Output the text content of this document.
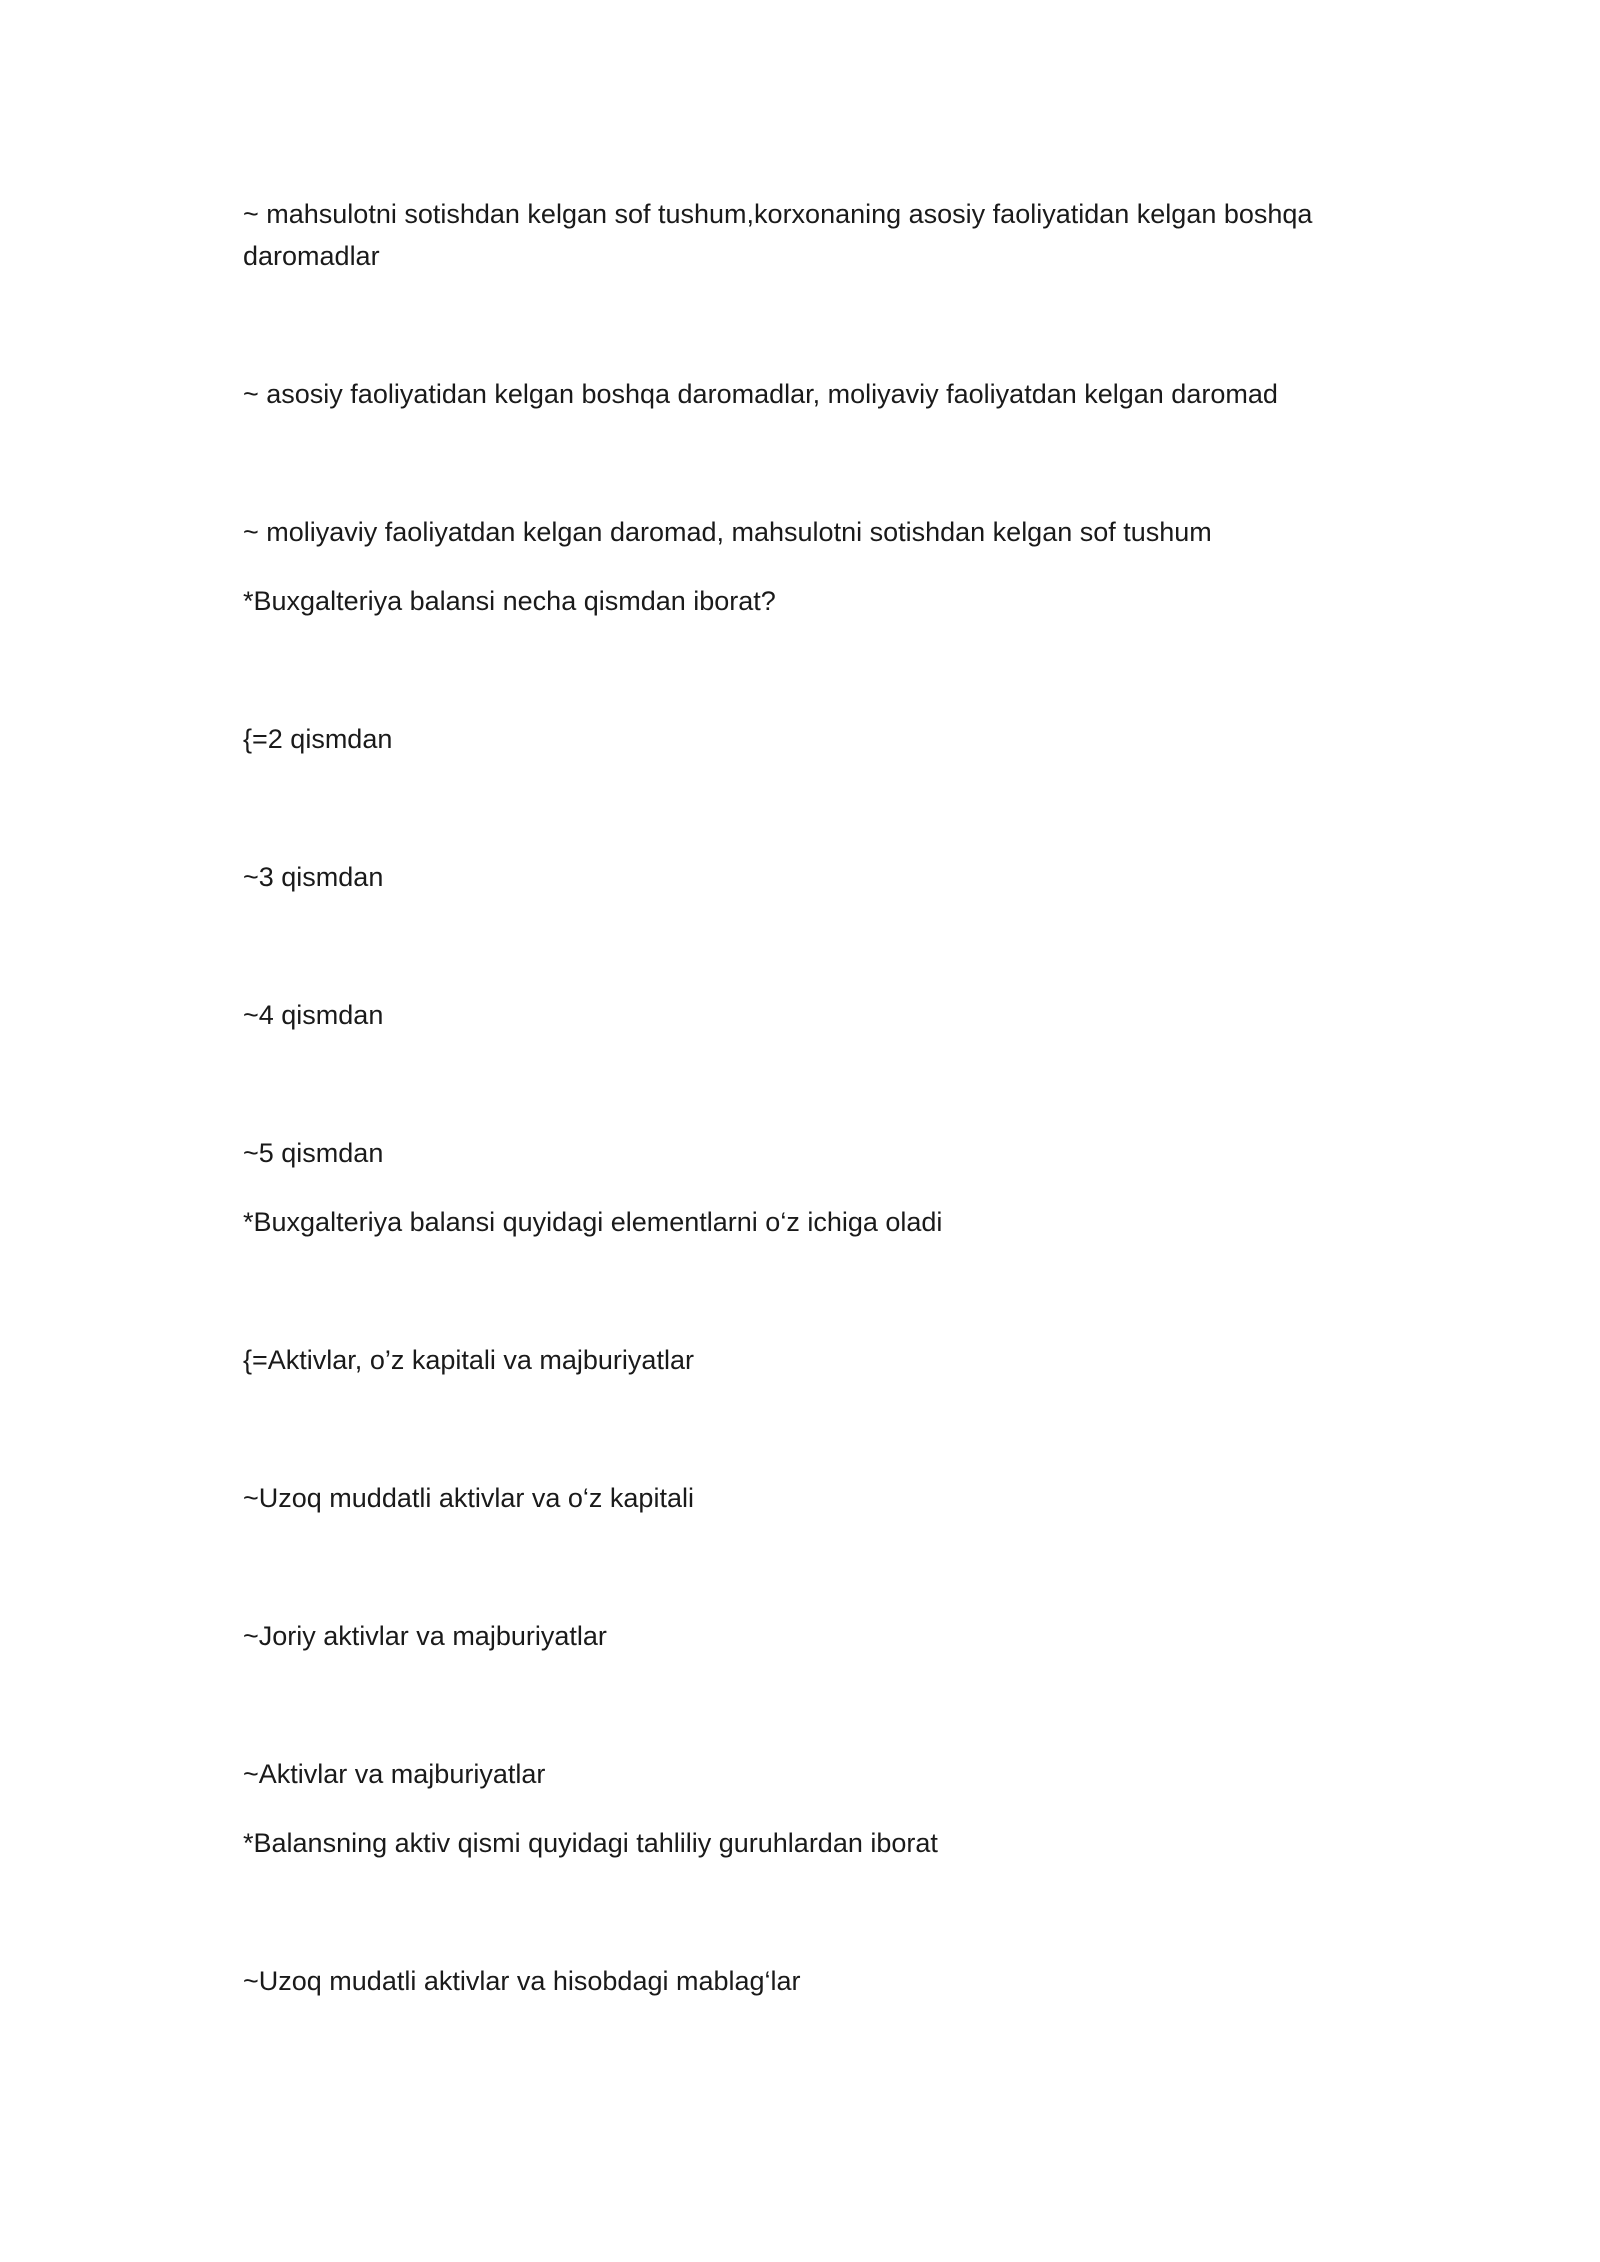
~ mahsulotni sotishdan kelgan sof tushum,korxonaning asosiy faoliyatidan kelgan boshqa daromadlar
~ asosiy faoliyatidan kelgan boshqa daromadlar, moliyaviy faoliyatdan kelgan daromad
~ moliyaviy faoliyatdan kelgan daromad, mahsulotni sotishdan kelgan sof tushum
*Buxgalteriya balansi necha qismdan iborat?
{=2 qismdan
~3 qismdan
~4 qismdan
~5 qismdan
*Buxgalteriya balansi quyidagi elementlarni o‘z ichiga oladi
{=Aktivlar, o’z kapitali va majburiyatlar
~Uzoq muddatli aktivlar va o‘z kapitali
~Joriy aktivlar va majburiyatlar
~Aktivlar va majburiyatlar
*Balansning aktiv qismi quyidagi tahliliy guruhlardan iborat
~Uzoq mudatli aktivlar va hisobdagi mablag‘lar
